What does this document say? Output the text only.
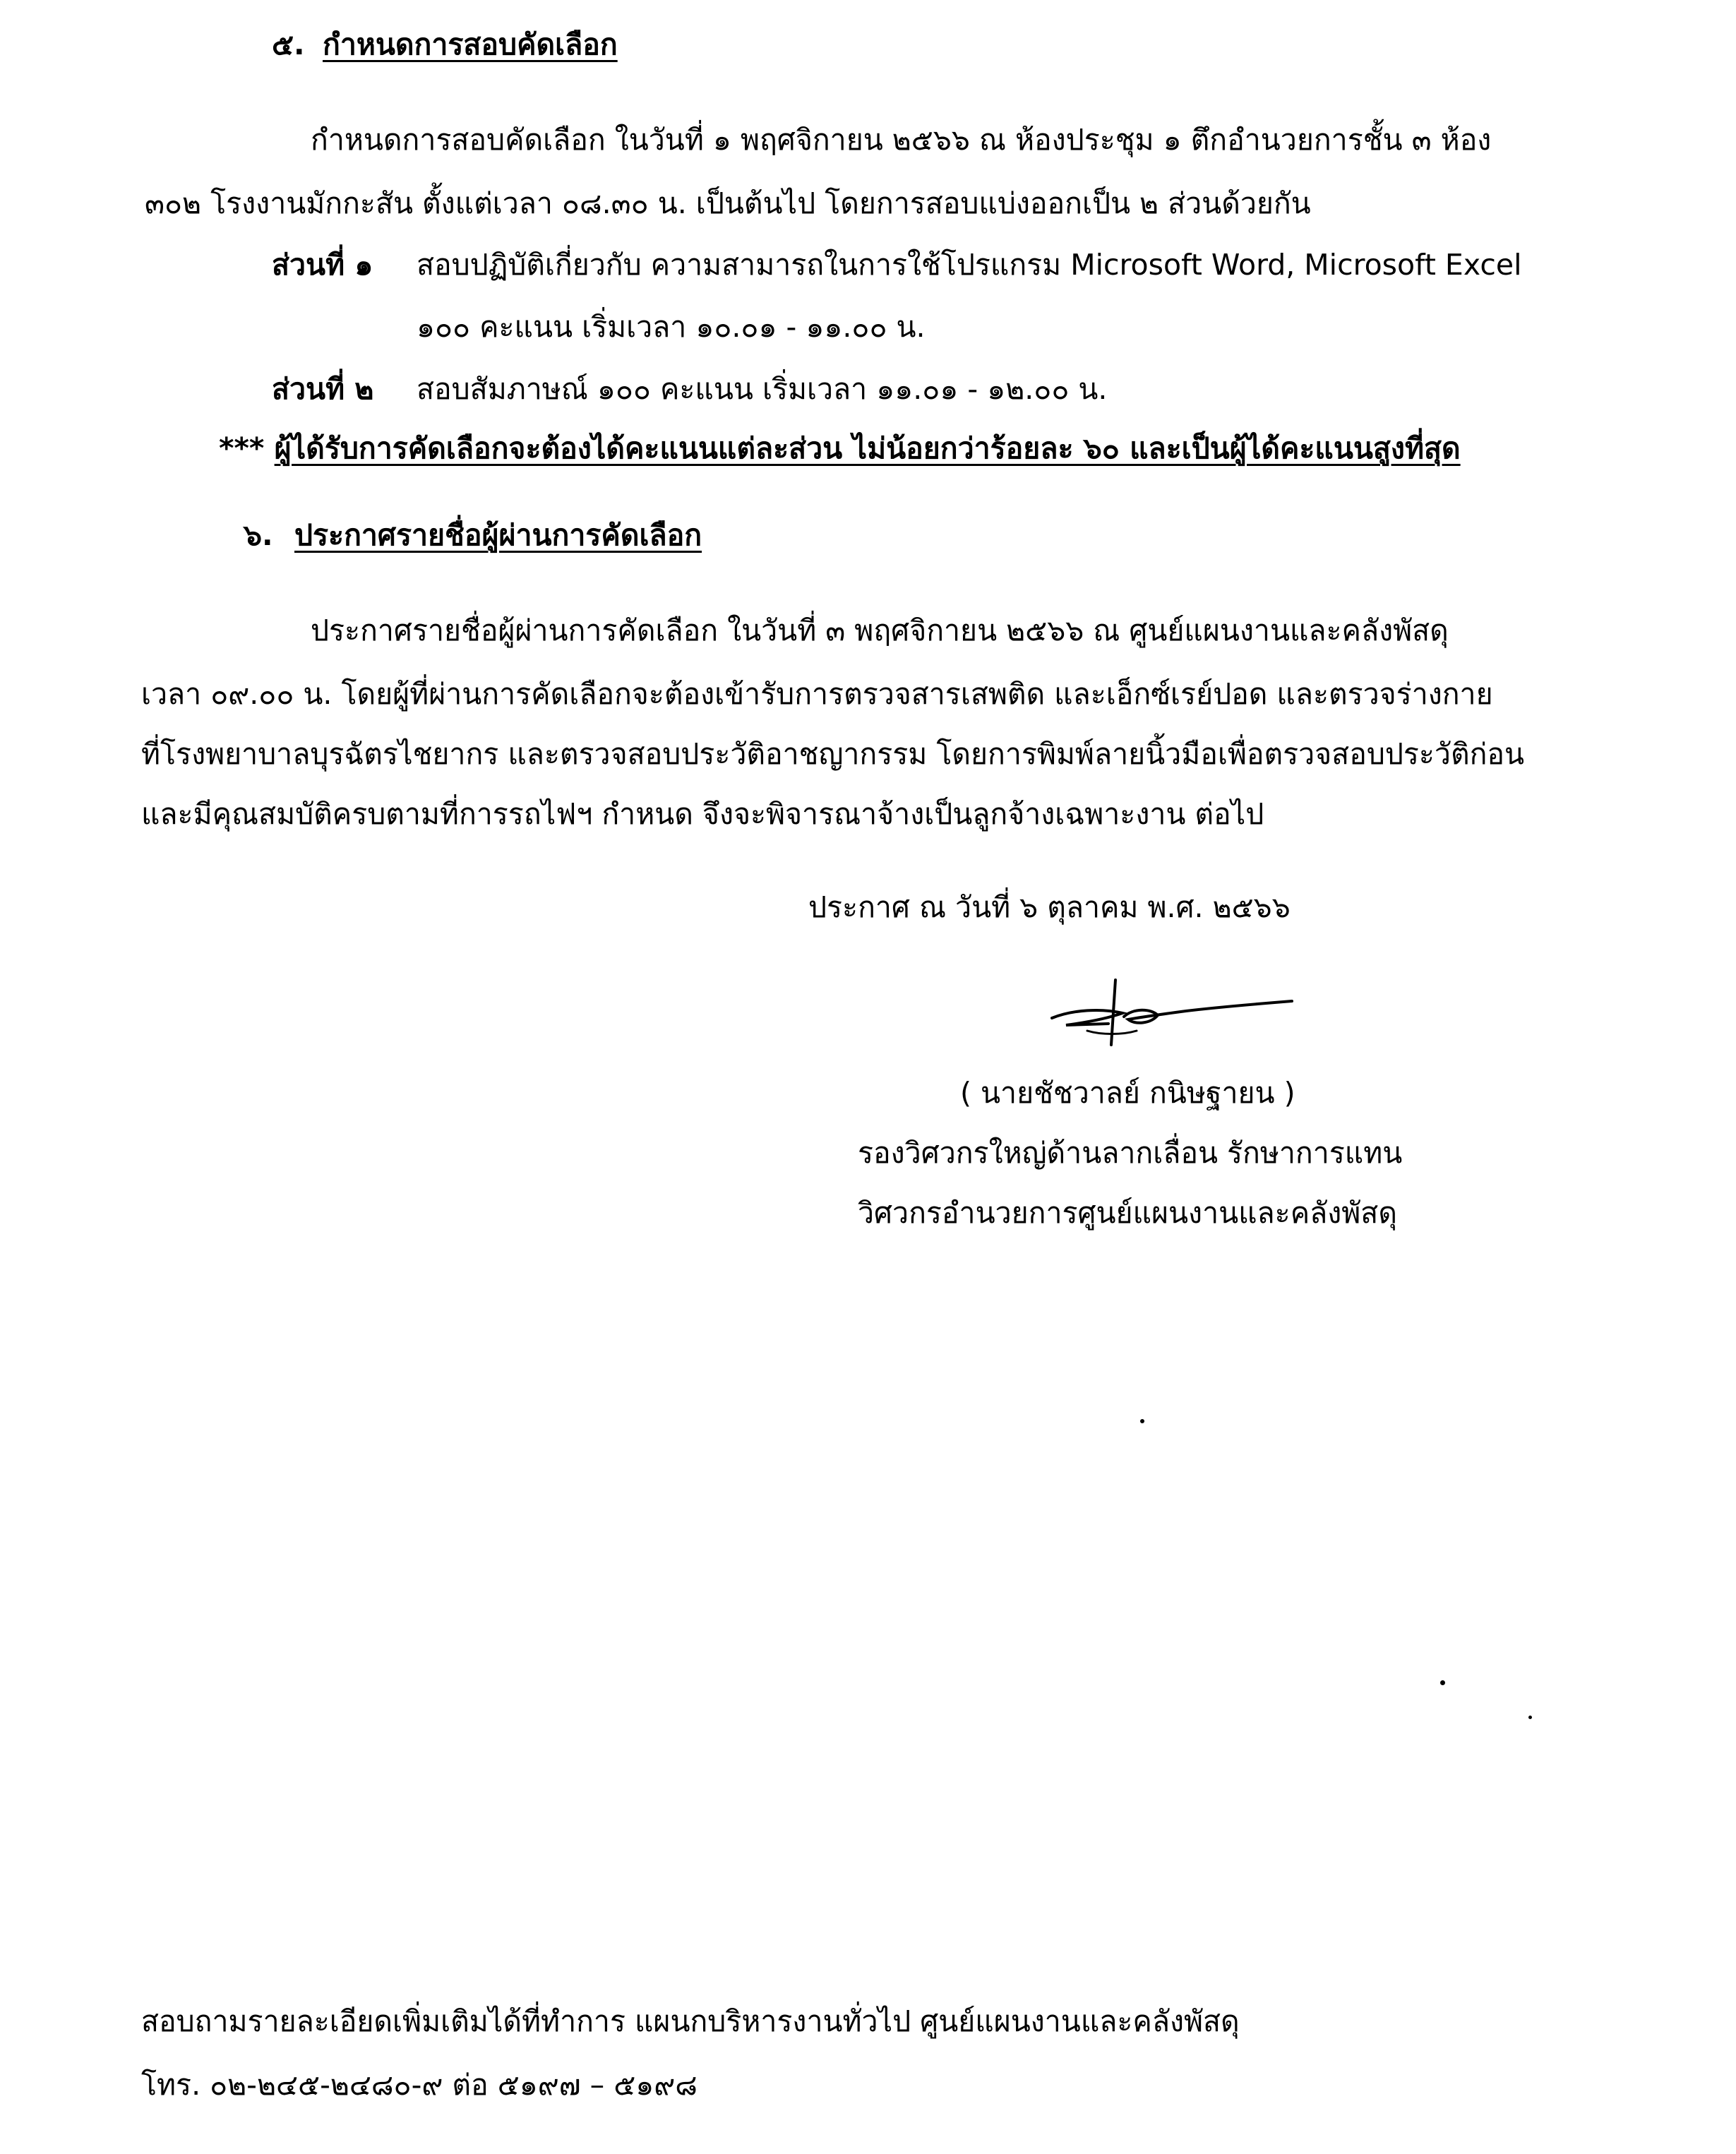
๕. กำหนดการสอบคัดเลือก
กำหนดการสอบคัดเลือก ในวันที่ ๑ พฤศจิกายน ๒๕๖๖ ณ ห้องประชุม ๑ ตึกอำนวยการชั้น ๓ ห้อง
๓๐๒ โรงงานมักกะสัน ตั้งแต่เวลา ๐๘.๓๐ น. เป็นต้นไป โดยการสอบแบ่งออกเป็น ๒ ส่วนด้วยกัน
ส่วนที่ ๑ สอบปฏิบัติเกี่ยวกับ ความสามารถในการใช้โปรแกรม Microsoft Word, Microsoft Excel
๑๐๐ คะแนน เริ่มเวลา ๑๐.๐๑ - ๑๑.๐๐ น.
ส่วนที่ ๒ สอบสัมภาษณ์ ๑๐๐ คะแนน เริ่มเวลา ๑๑.๐๑ - ๑๒.๐๐ น.
*** ผู้ได้รับการคัดเลือกจะต้องได้คะแนนแต่ละส่วน ไม่น้อยกว่าร้อยละ ๖๐ และเป็นผู้ได้คะแนนสูงที่สุด
๖. ประกาศรายชื่อผู้ผ่านการคัดเลือก
ประกาศรายชื่อผู้ผ่านการคัดเลือก ในวันที่ ๓ พฤศจิกายน ๒๕๖๖ ณ ศูนย์แผนงานและคลังพัสดุ
เวลา ๐๙.๐๐ น. โดยผู้ที่ผ่านการคัดเลือกจะต้องเข้ารับการตรวจสารเสพติด และเอ็กซ์เรย์ปอด และตรวจร่างกาย
ที่โรงพยาบาลบุรฉัตรไชยากร และตรวจสอบประวัติอาชญากรรม โดยการพิมพ์ลายนิ้วมือเพื่อตรวจสอบประวัติก่อน
และมีคุณสมบัติครบตามที่การรถไฟฯ กำหนด จึงจะพิจารณาจ้างเป็นลูกจ้างเฉพาะงาน ต่อไป
ประกาศ ณ วันที่ ๖ ตุลาคม พ.ศ. ๒๕๖๖
( นายชัชวาลย์ กนิษฐายน )
รองวิศวกรใหญ่ด้านลากเลื่อน รักษาการแทน
วิศวกรอำนวยการศูนย์แผนงานและคลังพัสดุ
สอบถามรายละเอียดเพิ่มเติมได้ที่ทำการ แผนกบริหารงานทั่วไป ศูนย์แผนงานและคลังพัสดุ
โทร. ๐๒-๒๔๕-๒๔๘๐-๙ ต่อ ๕๑๙๗ – ๕๑๙๘
